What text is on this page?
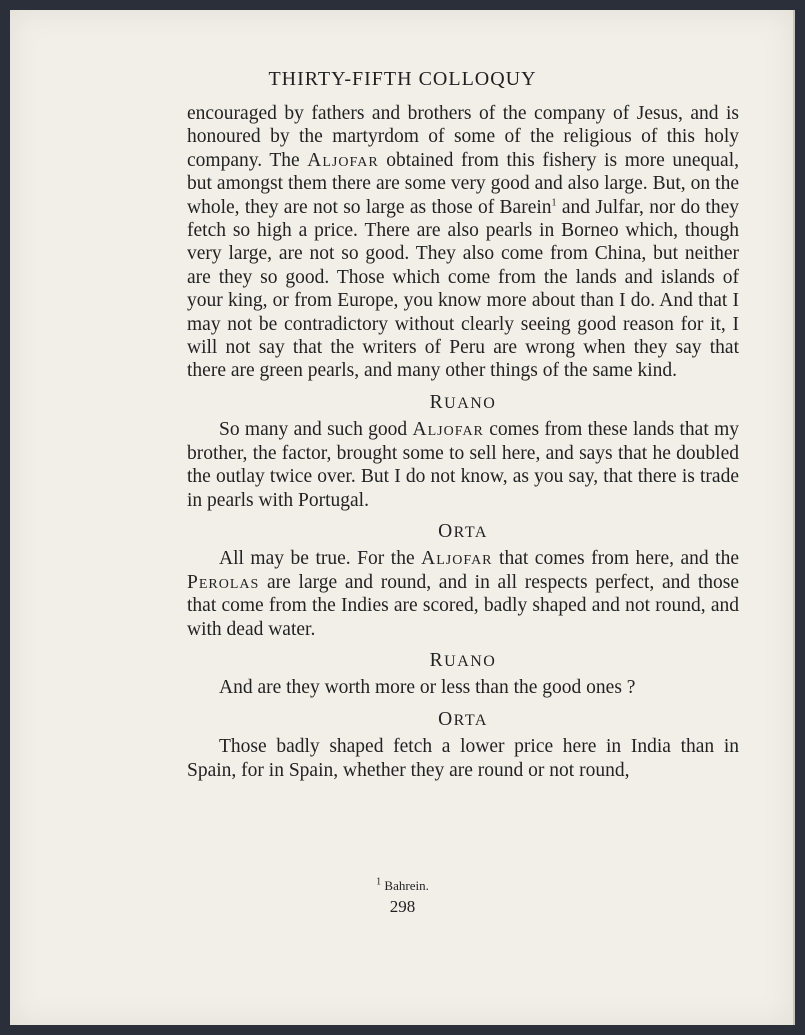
THIRTY-FIFTH COLLOQUY

encouraged by fathers and brothers of the company of Jesus, and is honoured by the martyrdom of some of the religious of this holy company. The Aljofar obtained from this fishery is more unequal, but amongst them there are some very good and also large. But, on the whole, they are not so large as those of Barein$^1$ and Julfar, nor do they fetch so high a price. There are also pearls in Borneo which, though very large, are not so good. They also come from China, but neither are they so good. Those which come from the lands and islands of your king, or from Europe, you know more about than I do. And that I may not be contradictory without clearly seeing good reason for it, I will not say that the writers of Peru are wrong when they say that there are green pearls, and many other things of the same kind.

RUANO

So many and such good Aljofar comes from these lands that my brother, the factor, brought some to sell here, and says that he doubled the outlay twice over. But I do not know, as you say, that there is trade in pearls with Portugal.

ORTA

All may be true. For the Aljofar that comes from here, and the Perolas are large and round, and in all respects perfect, and those that come from the Indies are scored, badly shaped and not round, and with dead water.

RUANO

And are they worth more or less than the good ones ?

ORTA

Those badly shaped fetch a lower price here in India than in Spain, for in Spain, whether they are round or not round,

$^1$ Bahrein.
298
